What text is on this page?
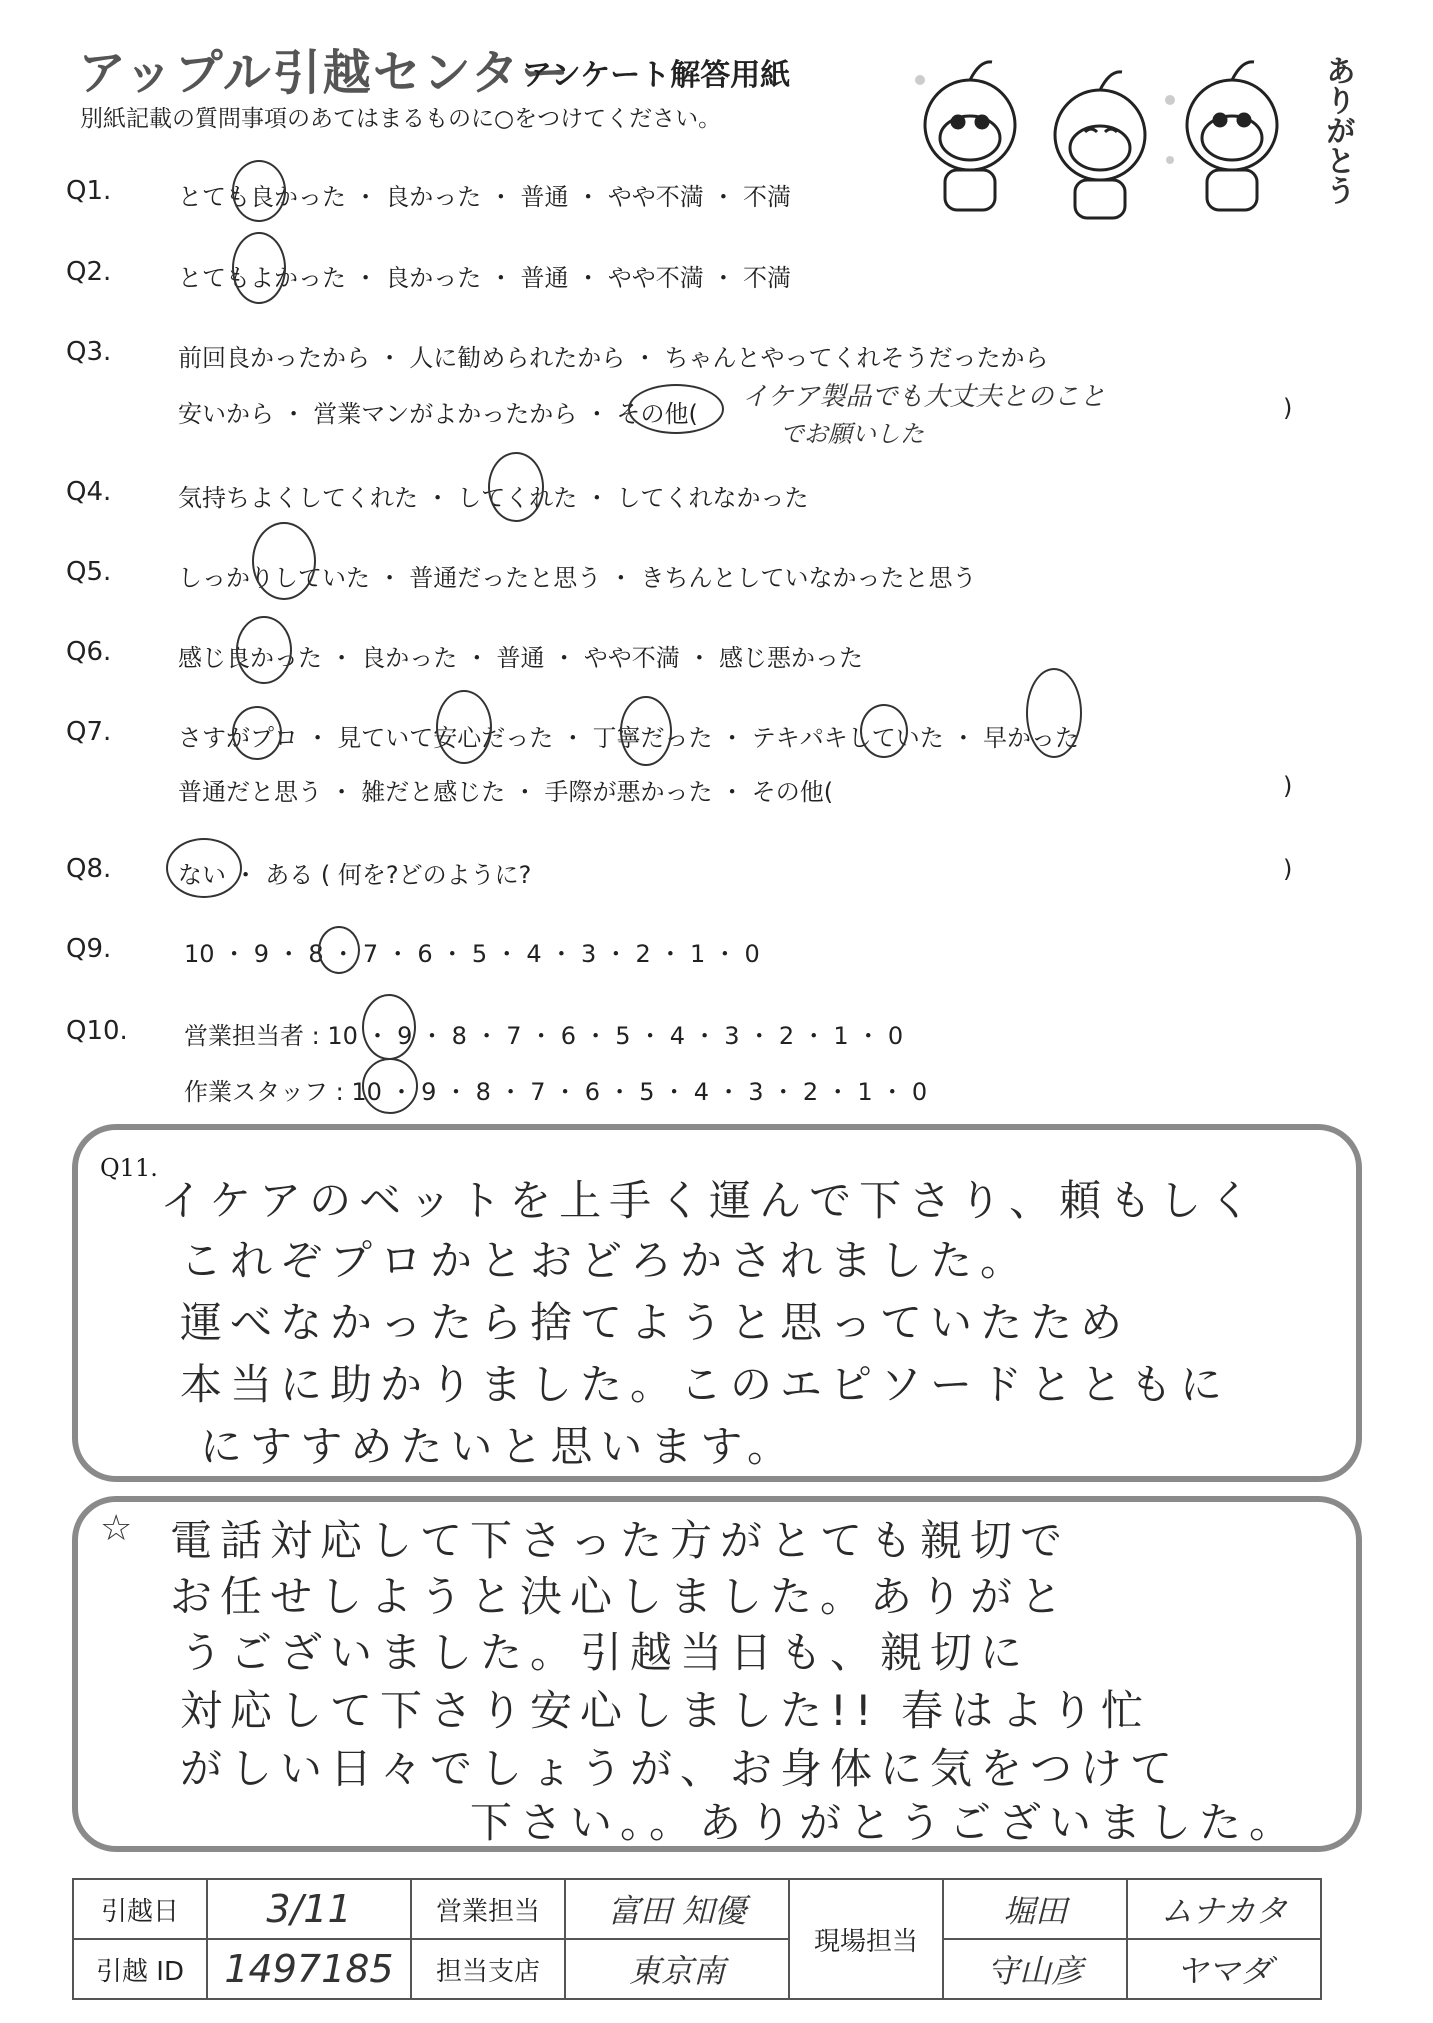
アップル引越センター
アンケート解答用紙
別紙記載の質問事項のあてはまるものに○をつけてください。	ありがとう
Q1.	とても良かった ・ 良かった ・ 普通 ・ やや不満 ・ 不満
Q2.	とてもよかった ・ 良かった ・ 普通 ・ やや不満 ・ 不満
Q3.	前回良かったから ・ 人に勧められたから ・ ちゃんとやってくれそうだったから
安いから ・ 営業マンがよかったから ・ その他(	)
イケア製品でも大丈夫とのこと
でお願いした
Q4.	気持ちよくしてくれた ・ してくれた ・ してくれなかった
Q5.	しっかりしていた ・ 普通だったと思う ・ きちんとしていなかったと思う
Q6.	感じ良かった ・ 良かった ・ 普通 ・ やや不満 ・ 感じ悪かった
Q7.	さすがプロ ・ 見ていて安心だった ・ 丁寧だった ・ テキパキしていた ・ 早かった
普通だと思う ・ 雑だと感じた ・ 手際が悪かった ・ その他(	)
Q8.	ない ・ ある ( 何を?どのように?	)
Q9.	10 ・ 9 ・ 8 ・ 7 ・ 6 ・ 5 ・ 4 ・ 3 ・ 2 ・ 1 ・ 0
Q10. 営業担当者 : 10 ・ 9 ・ 8 ・ 7 ・ 6 ・ 5 ・ 4 ・ 3 ・ 2 ・ 1 ・ 0
作業スタッフ : 10 ・ 9 ・ 8 ・ 7 ・ 6 ・ 5 ・ 4 ・ 3 ・ 2 ・ 1 ・ 0
Q11.
イケアのベットを上手く運んで下さり、頼もしく
これぞプロかとおどろかされました。
運べなかったら捨てようと思っていたため
本当に助かりました。このエピソードとともに
にすすめたいと思います。
☆ 電話対応して下さった方がとても親切で
お任せしようと決心しました。ありがと
うございました。引越当日も、親切に
対応して下さり安心しました!! 春はより忙
がしい日々でしょうが、お身体に気をつけて
下さい。。ありがとうございました。
引越日	3/11	営業担当	富田 知優	現場担当	堀田	ムナカタ
引越 ID	1497185	担当支店	東京南		守山彦	ヤマダ
